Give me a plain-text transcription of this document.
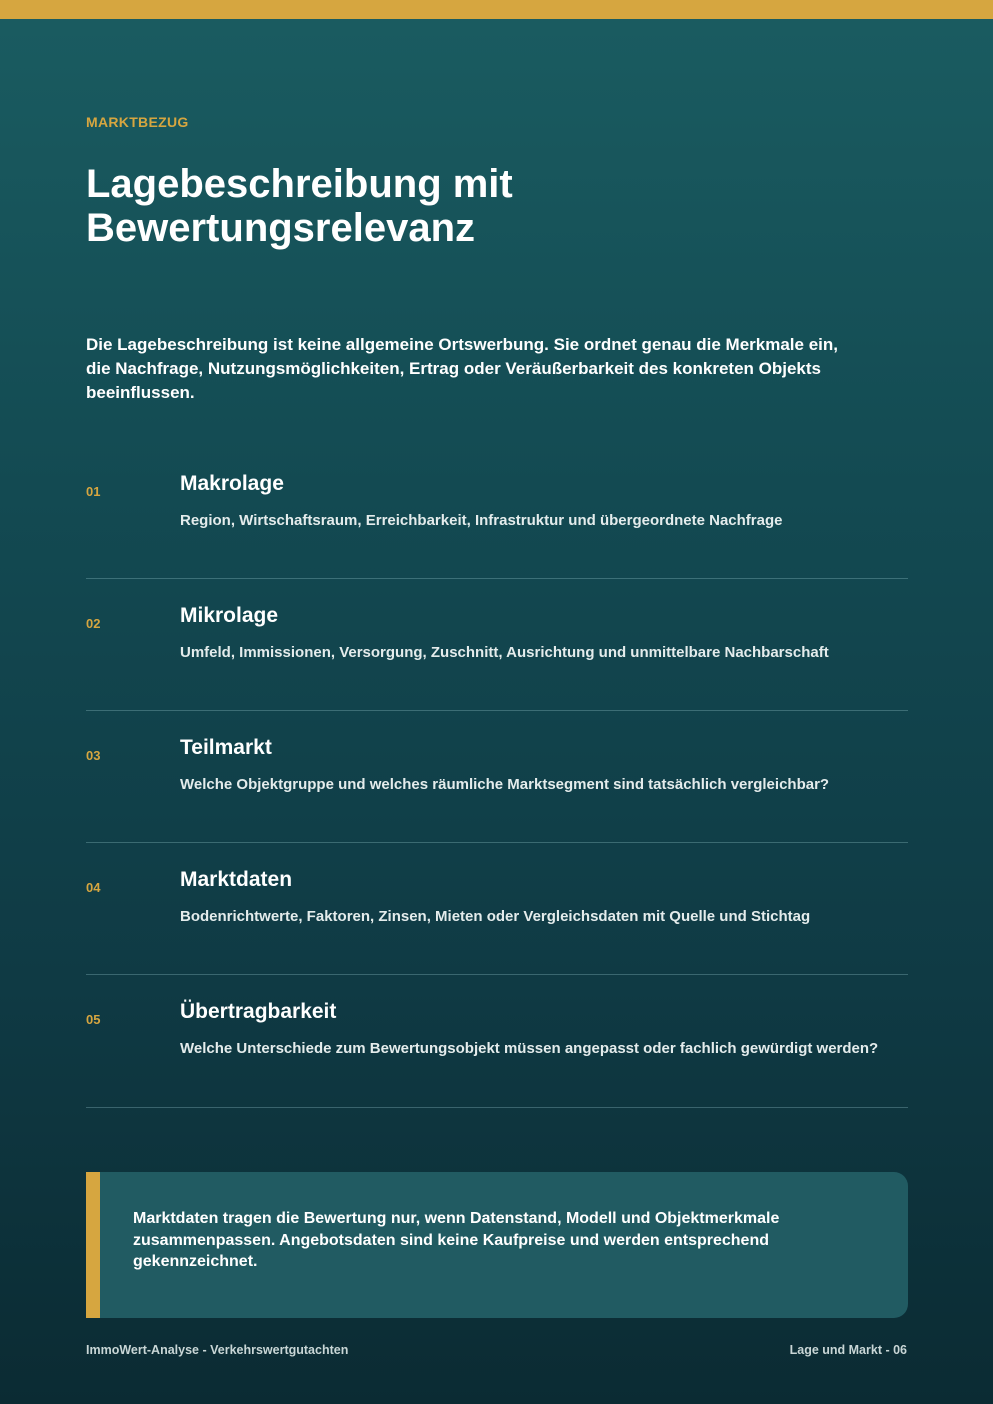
MARKTBEZUG
Lagebeschreibung mit
Bewertungsrelevanz

Die Lagebeschreibung ist keine allgemeine Ortswerbung. Sie ordnet genau die Merkmale ein, die Nachfrage, Nutzungsmöglichkeiten, Ertrag oder Veräußerbarkeit des konkreten Objekts beeinflussen.

01	Makrolage
Region, Wirtschaftsraum, Erreichbarkeit, Infrastruktur und übergeordnete Nachfrage
02	Mikrolage
Umfeld, Immissionen, Versorgung, Zuschnitt, Ausrichtung und unmittelbare Nachbarschaft
03	Teilmarkt
Welche Objektgruppe und welches räumliche Marktsegment sind tatsächlich vergleichbar?
04	Marktdaten
Bodenrichtwerte, Faktoren, Zinsen, Mieten oder Vergleichsdaten mit Quelle und Stichtag
05	Übertragbarkeit
Welche Unterschiede zum Bewertungsobjekt müssen angepasst oder fachlich gewürdigt werden?

Marktdaten tragen die Bewertung nur, wenn Datenstand, Modell und Objektmerkmale zusammenpassen. Angebotsdaten sind keine Kaufpreise und werden entsprechend gekennzeichnet.

ImmoWert-Analyse - Verkehrswertgutachten	Lage und Markt - 06
